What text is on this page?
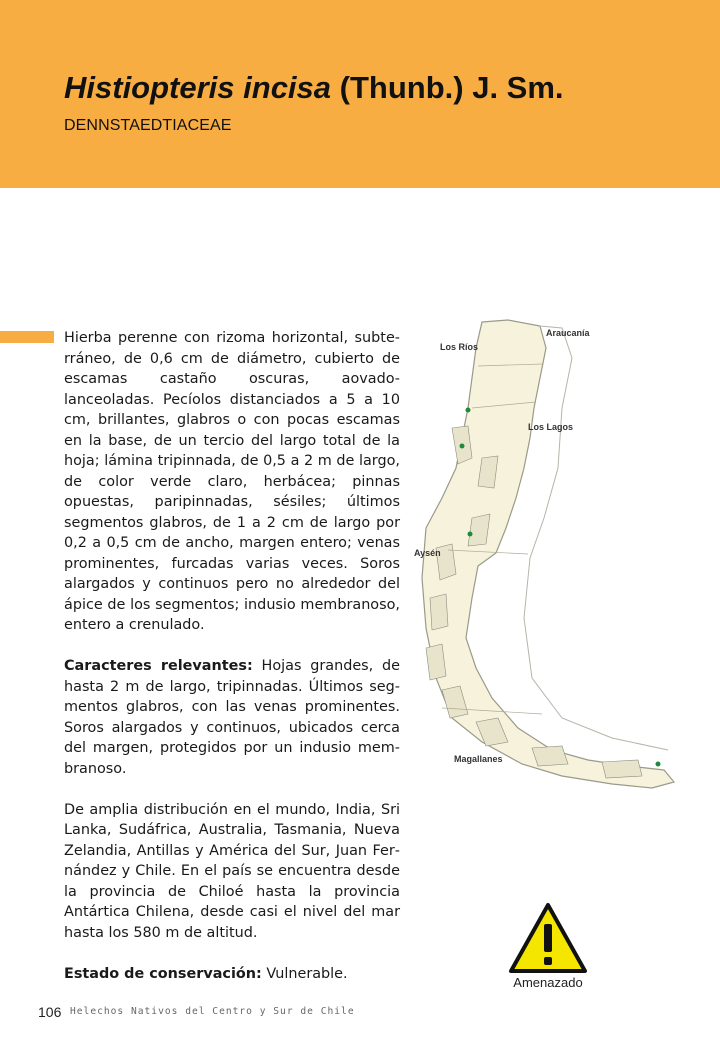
Histiopteris incisa (Thunb.) J. Sm.
DENNSTAEDTIACEAE

Hierba perenne con rizoma horizontal, subterráneo, de 0,6 cm de diámetro, cubierto de escamas castaño oscuras, aovado-lanceoladas. Pecíolos distanciados a 5 a 10 cm, brillantes, glabros o con pocas escamas en la base, de un tercio del largo total de la hoja; lámina tripinnada, de 0,5 a 2 m de largo, de color verde claro, herbácea; pinnas opuestas, paripinnadas, sésiles; últimos segmentos glabros, de 1 a 2 cm de largo por 0,2 a 0,5 cm de ancho, margen entero; venas prominentes, furcadas varias veces. Soros alargados y continuos pero no alrededor del ápice de los segmentos; indusio membranoso, entero a crenulado.

Caracteres relevantes: Hojas grandes, de hasta 2 m de largo, tripinnadas. Últimos segmentos glabros, con las venas prominentes. Soros alargados y continuos, ubicados cerca del margen, protegidos por un indusio membranoso.

De amplia distribución en el mundo, India, Sri Lanka, Sudáfrica, Australia, Tasmania, Nueva Zelandia, Antillas y América del Sur, Juan Fernández y Chile. En el país se encuentra desde la provincia de Chiloé hasta la provincia Antártica Chilena, desde casi el nivel del mar hasta los 580 m de altitud.

Estado de conservación: Vulnerable.

Araucanía
Los Ríos
Los Lagos
Aysén
Magallanes
Amenazado
106 Helechos Nativos del Centro y Sur de Chile
